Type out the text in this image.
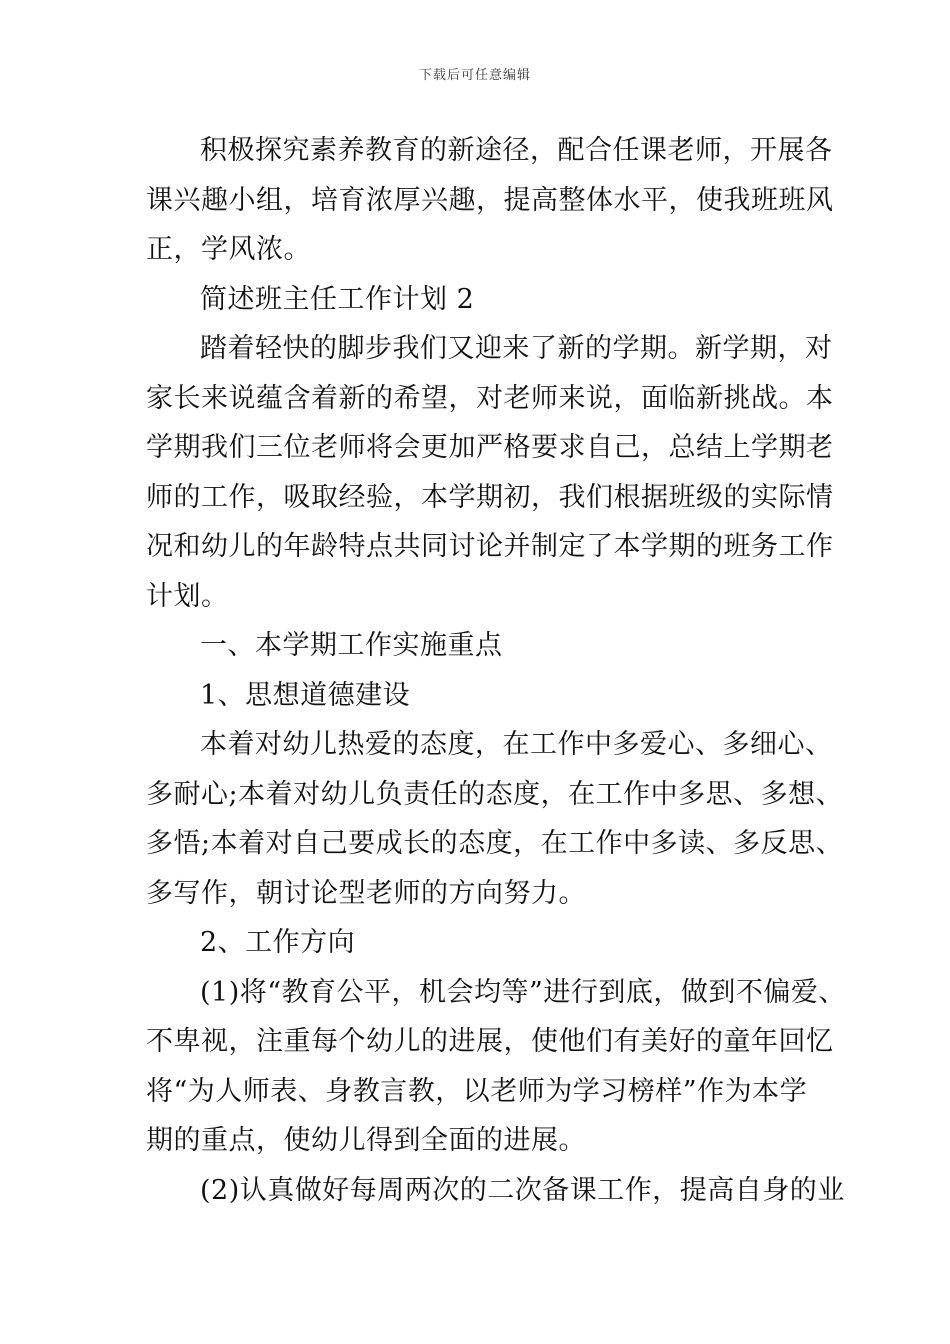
下载后可任意编辑
积极探究素养教育的新途径，配合任课老师，开展各
课兴趣小组，培育浓厚兴趣，提高整体水平，使我班班风
正，学风浓。
简述班主任工作计划 2
踏着轻快的脚步我们又迎来了新的学期。新学期，对
家长来说蕴含着新的希望，对老师来说，面临新挑战。本
学期我们三位老师将会更加严格要求自己，总结上学期老
师的工作，吸取经验，本学期初，我们根据班级的实际情
况和幼儿的年龄特点共同讨论并制定了本学期的班务工作
计划。
一、本学期工作实施重点
1、思想道德建设
本着对幼儿热爱的态度，在工作中多爱心、多细心、
多耐心;本着对幼儿负责任的态度，在工作中多思、多想、
多悟;本着对自己要成长的态度，在工作中多读、多反思、
多写作，朝讨论型老师的方向努力。
2、工作方向
(1)将“教育公平，机会均等”进行到底，做到不偏爱、
不卑视，注重每个幼儿的进展，使他们有美好的童年回忆
将“为人师表、身教言教，以老师为学习榜样”作为本学
期的重点，使幼儿得到全面的进展。
(2)认真做好每周两次的二次备课工作，提高自身的业
